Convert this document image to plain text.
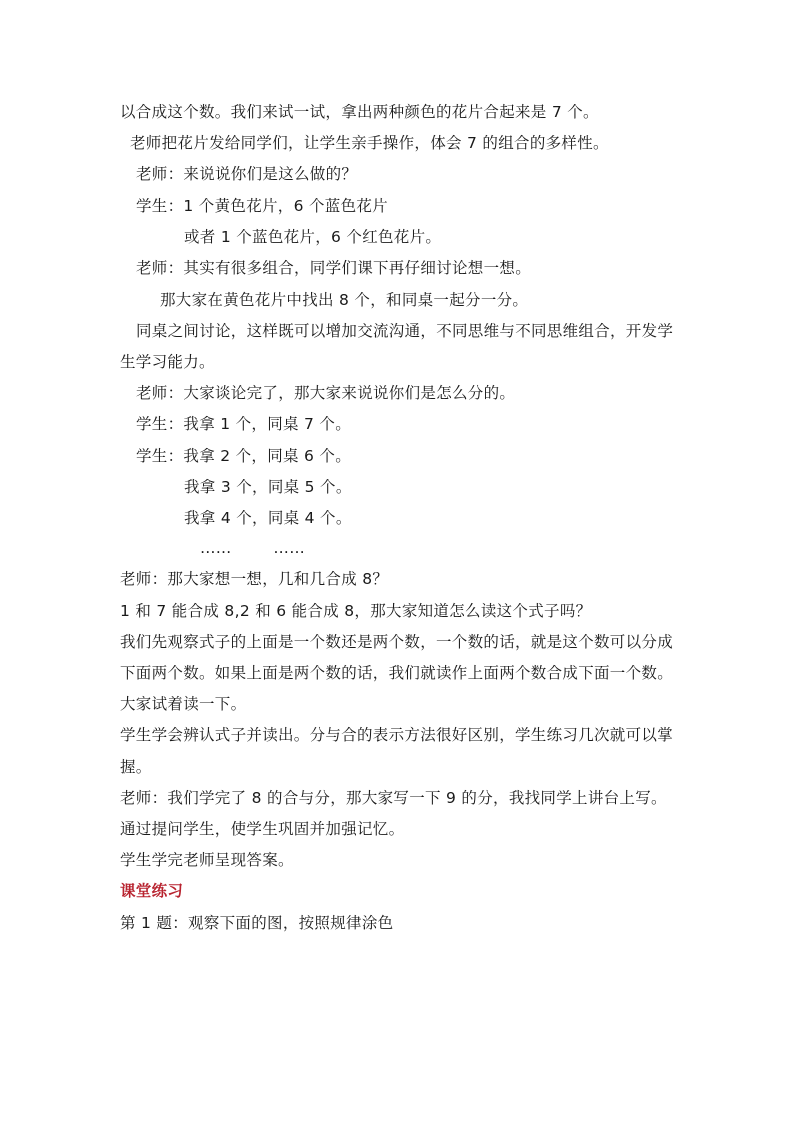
以合成这个数。我们来试一试，拿出两种颜色的花片合起来是 7 个。
老师把花片发给同学们，让学生亲手操作，体会 7 的组合的多样性。
老师：来说说你们是这么做的？
学生：1 个黄色花片，6 个蓝色花片
或者 1 个蓝色花片，6 个红色花片。
老师：其实有很多组合，同学们课下再仔细讨论想一想。
那大家在黄色花片中找出 8 个，和同桌一起分一分。
同桌之间讨论，这样既可以增加交流沟通，不同思维与不同思维组合，开发学
生学习能力。
老师：大家谈论完了，那大家来说说你们是怎么分的。
学生：我拿 1 个，同桌 7 个。
学生：我拿 2 个，同桌 6 个。
我拿 3 个，同桌 5 个。
我拿 4 个，同桌 4 个。
……        ……
老师：那大家想一想，几和几合成 8？
1 和 7 能合成 8,2 和 6 能合成 8，那大家知道怎么读这个式子吗？
我们先观察式子的上面是一个数还是两个数，一个数的话，就是这个数可以分成
下面两个数。如果上面是两个数的话，我们就读作上面两个数合成下面一个数。
大家试着读一下。
学生学会辨认式子并读出。分与合的表示方法很好区别，学生练习几次就可以掌
握。
老师：我们学完了 8 的合与分，那大家写一下 9 的分，我找同学上讲台上写。
通过提问学生，使学生巩固并加强记忆。
学生学完老师呈现答案。
课堂练习
第 1 题：观察下面的图，按照规律涂色
